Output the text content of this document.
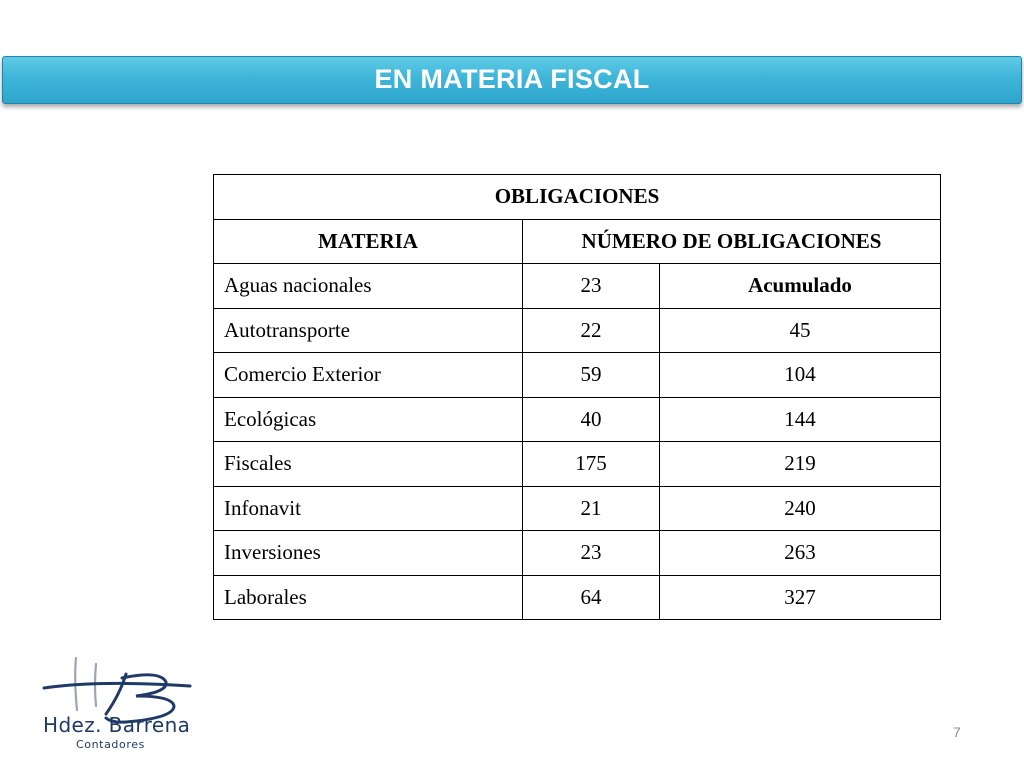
EN MATERIA FISCAL
OBLIGACIONES		
MATERIA	NÚMERO DE OBLIGACIONES	
Aguas nacionales	23	Acumulado
Autotransporte	22	45
Comercio Exterior	59	104
Ecológicas	40	144
Fiscales	175	219
Infonavit	21	240
Inversiones	23	263
Laborales	64	327
Hdez. Barrena
Contadores
7
